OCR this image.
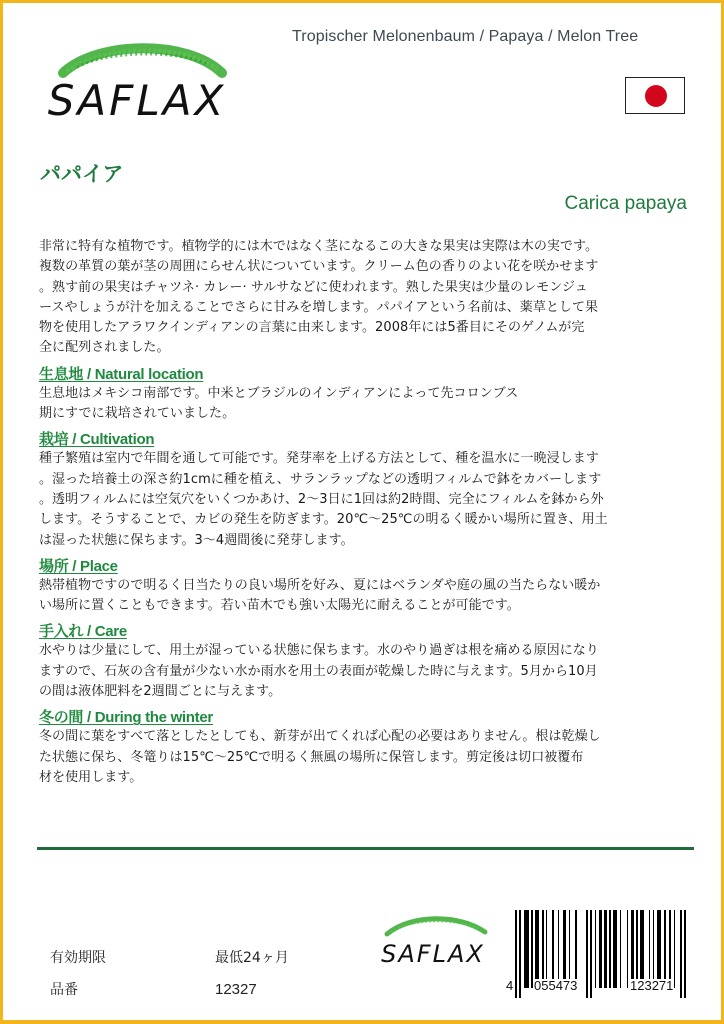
SAFLAX
Tropischer Melonenbaum / Papaya / Melon Tree
パパイア
Carica papaya
非常に特有な植物です。植物学的には木ではなく茎になるこの大きな果実は実際は木の実です。
複数の革質の葉が茎の周囲にらせん状についています。クリーム色の香りのよい花を咲かせます
。熟す前の果実はチャツネ· カレー· サルサなどに使われます。熟した果実は少量のレモンジュ
ースやしょうが汁を加えることでさらに甘みを増します。パパイアという名前は、薬草として果
物を使用したアラワクインディアンの言葉に由来します。2008年には5番目にそのゲノムが完
全に配列されました。
生息地 / Natural location
生息地はメキシコ南部です。中米とブラジルのインディアンによって先コロンブス
期にすでに栽培されていました。
栽培 / Cultivation
種子繁殖は室内で年間を通して可能です。発芽率を上げる方法として、種を温水に一晩浸します
。湿った培養土の深さ約1cmに種を植え、サランラップなどの透明フィルムで鉢をカバーします
。透明フィルムには空気穴をいくつかあけ、2～3日に1回は約2時間、完全にフィルムを鉢から外
します。そうすることで、カビの発生を防ぎます。20℃〜25℃の明るく暖かい場所に置き、用土
は湿った状態に保ちます。3～4週間後に発芽します。
場所 / Place
熱帯植物ですので明るく日当たりの良い場所を好み、夏にはベランダや庭の風の当たらない暖か
い場所に置くこともできます。若い苗木でも強い太陽光に耐えることが可能です。
手入れ / Care
水やりは少量にして、用土が湿っている状態に保ちます。水のやり過ぎは根を痛める原因になり
ますので、石灰の含有量が少ない水か雨水を用土の表面が乾燥した時に与えます。5月から10月
の間は液体肥料を2週間ごとに与えます。
冬の間 / During the winter
冬の間に葉をすべて落としたとしても、新芽が出てくれば心配の必要はありません。根は乾燥し
た状態に保ち、冬篭りは15℃～25℃で明るく無風の場所に保管します。剪定後は切口被覆布
材を使用します。
有効期限	最低24ヶ月
品番	12327
SAFLAX
4 055473	123271
